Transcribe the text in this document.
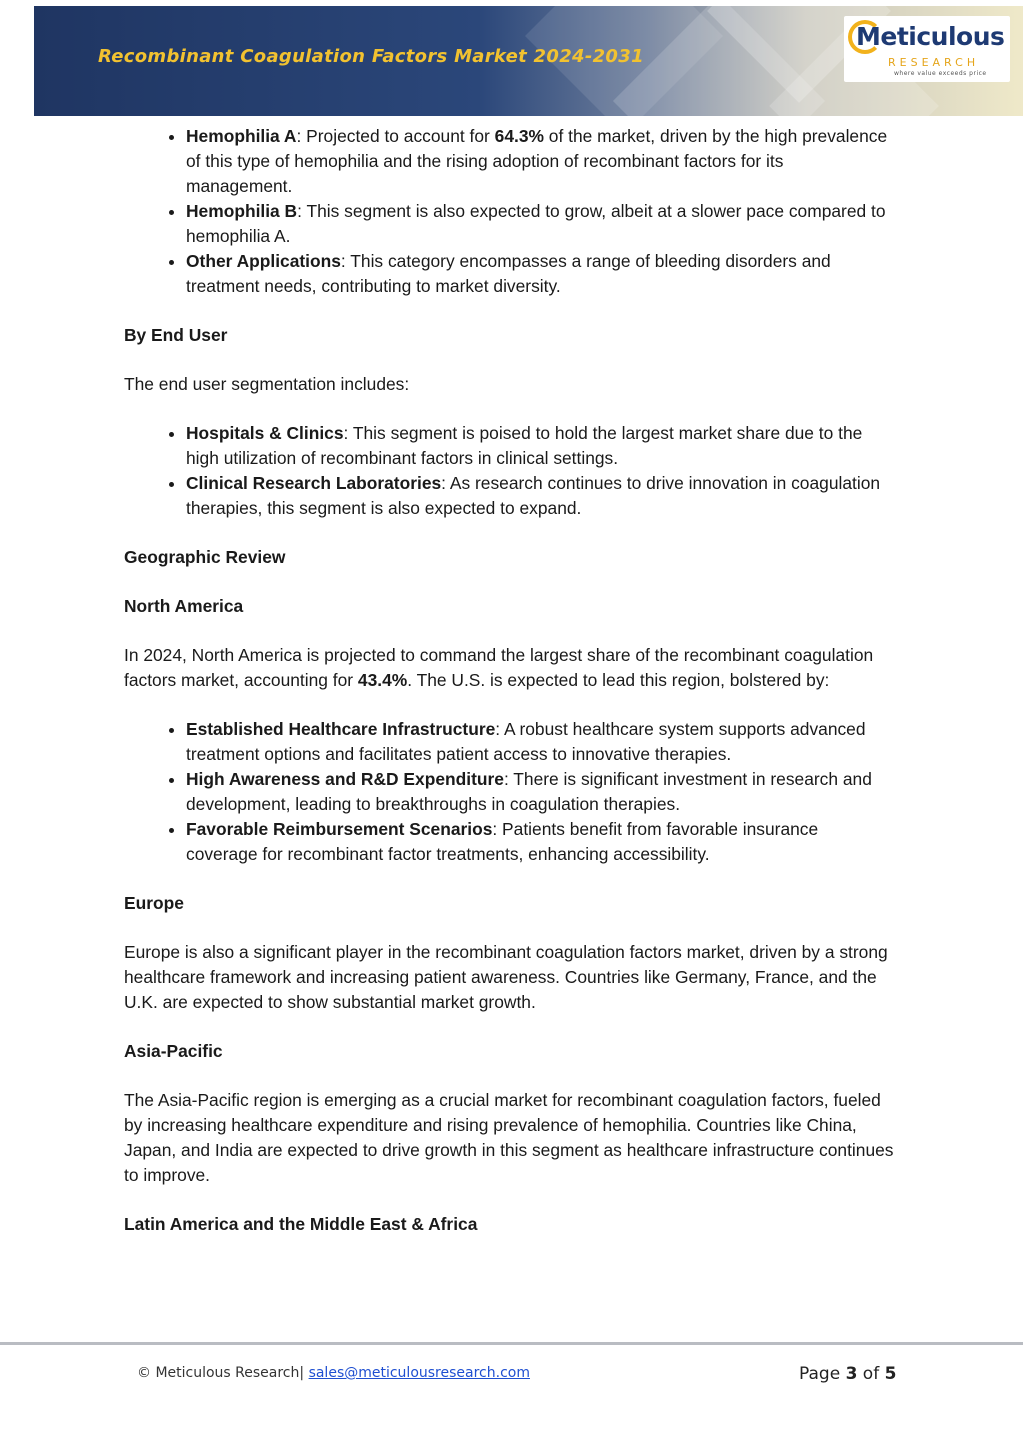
Recombinant Coagulation Factors Market 2024-2031
Meticulous
RESEARCH
where value exceeds price
• Hemophilia A: Projected to account for 64.3% of the market, driven by the high prevalence of this type of hemophilia and the rising adoption of recombinant factors for its management.
• Hemophilia B: This segment is also expected to grow, albeit at a slower pace compared to hemophilia A.
• Other Applications: This category encompasses a range of bleeding disorders and treatment needs, contributing to market diversity.

By End User

The end user segmentation includes:

• Hospitals & Clinics: This segment is poised to hold the largest market share due to the high utilization of recombinant factors in clinical settings.
• Clinical Research Laboratories: As research continues to drive innovation in coagulation therapies, this segment is also expected to expand.

Geographic Review

North America

In 2024, North America is projected to command the largest share of the recombinant coagulation factors market, accounting for 43.4%. The U.S. is expected to lead this region, bolstered by:

• Established Healthcare Infrastructure: A robust healthcare system supports advanced treatment options and facilitates patient access to innovative therapies.
• High Awareness and R&D Expenditure: There is significant investment in research and development, leading to breakthroughs in coagulation therapies.
• Favorable Reimbursement Scenarios: Patients benefit from favorable insurance coverage for recombinant factor treatments, enhancing accessibility.

Europe

Europe is also a significant player in the recombinant coagulation factors market, driven by a strong healthcare framework and increasing patient awareness. Countries like Germany, France, and the U.K. are expected to show substantial market growth.

Asia-Pacific

The Asia-Pacific region is emerging as a crucial market for recombinant coagulation factors, fueled by increasing healthcare expenditure and rising prevalence of hemophilia. Countries like China, Japan, and India are expected to drive growth in this segment as healthcare infrastructure continues to improve.

Latin America and the Middle East & Africa

© Meticulous Research| sales@meticulousresearch.com	Page 3 of 5
